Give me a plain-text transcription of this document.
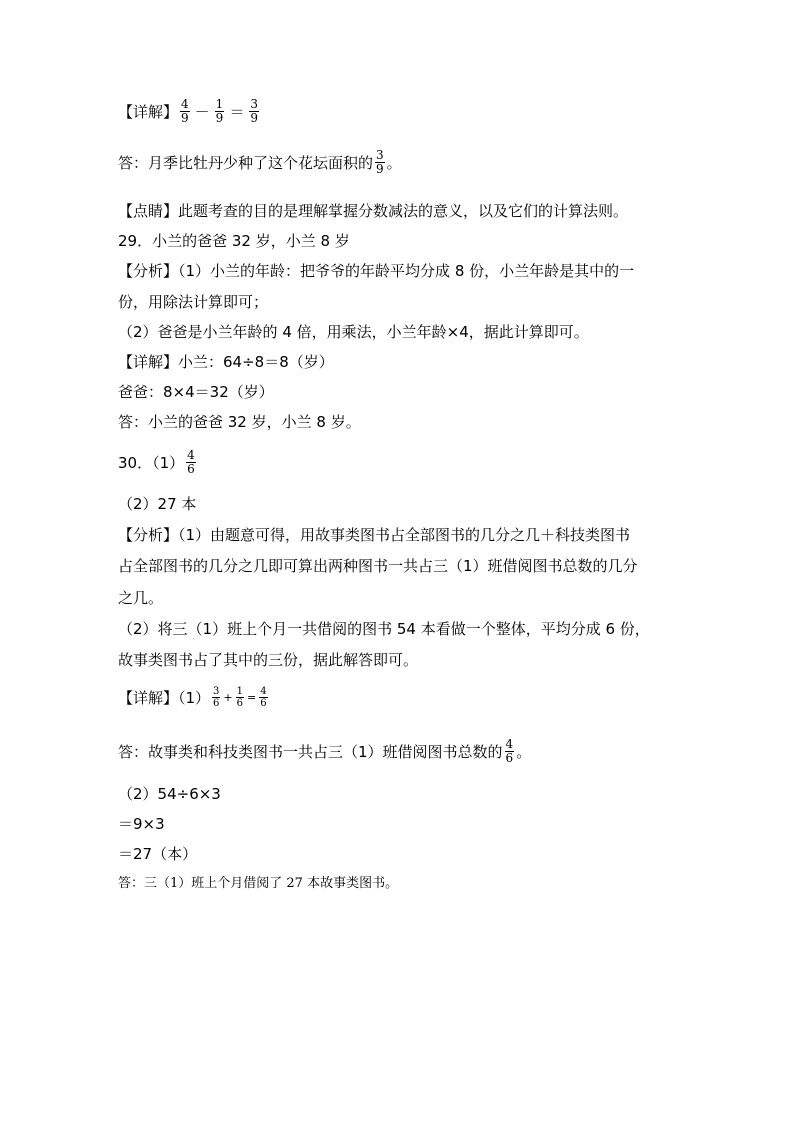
【详解】 $\frac{4}{9} - \frac{1}{9} = \frac{3}{9}$
答：月季比牡丹少种了这个花坛面积的 $\frac{3}{9}$ 。
【点睛】此题考查的目的是理解掌握分数减法的意义，以及它们的计算法则。
29．小兰的爸爸 32 岁，小兰 8 岁
【分析】（1）小兰的年龄：把爷爷的年龄平均分成 8 份，小兰年龄是其中的一
份，用除法计算即可；
（2）爸爸是小兰年龄的 4 倍，用乘法，小兰年龄×4，据此计算即可。
【详解】小兰：64÷8＝8（岁）
爸爸：8×4＝32（岁）
答：小兰的爸爸 32 岁，小兰 8 岁。
30．$(1) \frac{4}{6}$
（2）27 本
【分析】（1）由题意可得，用故事类图书占全部图书的几分之几＋科技类图书
占全部图书的几分之几即可算出两种图书一共占三（1）班借阅图书总数的几分
之几。
（2）将三（1）班上个月一共借阅的图书 54 本看做一个整体，平均分成 6 份，
故事类图书占了其中的三份，据此解答即可。
【详解】$(1) \frac{3}{6} + \frac{1}{6} = \frac{4}{6}$
答：故事类和科技类图书一共占三（1）班借阅图书总数的 $\frac{4}{6}$ 。
（2）54÷6×3
＝9×3
＝27（本）
答：三（1）班上个月借阅了 27 本故事类图书。
